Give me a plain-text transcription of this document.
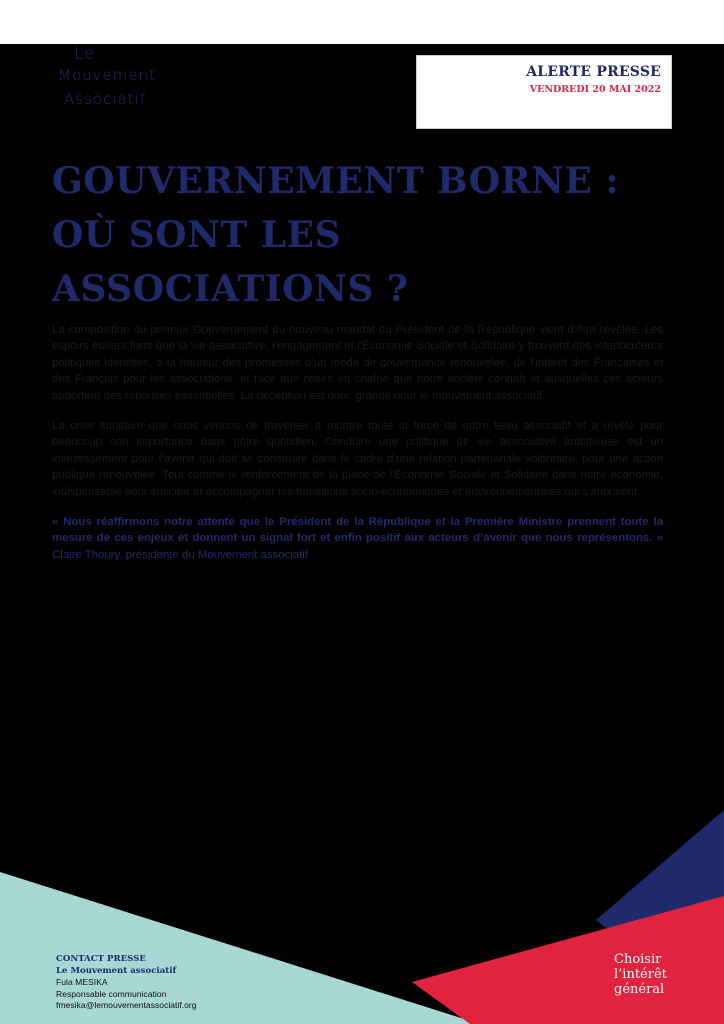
Le
Mouvement
Associatif
ALERTE PRESSE
VENDREDI 20 MAI 2022
GOUVERNEMENT BORNE :
OÙ SONT LES
ASSOCIATIONS ?

La composition du premier Gouvernement du nouveau mandat du Président de la République vient d’être révélée. Les espoirs étaient forts que la vie associative, l’engagement et l’Économie Sociale et Solidaire y trouvent des interlocuteurs politiques identifiés, à la hauteur des promesses d’un mode de gouvernance renouvelée, de l’intérêt des Françaises et des Français pour les associations, et face aux crises en chaîne que notre société connaît et auxquelles ces acteurs apportent des réponses essentielles. La déception est donc grande pour le mouvement associatif.

La crise sanitaire que nous venons de traverser a montré toute la force de notre tissu associatif et a révélé pour beaucoup son importance dans notre quotidien. Conduire une politique de vie associative ambitieuse est un investissement pour l’avenir qui doit se construire dans le cadre d’une relation partenariale volontaire, pour une action publique renouvelée. Tout comme le renforcement de la place de l’Économie Sociale et Solidaire dans notre économie, indispensable pour susciter et accompagner les transitions socio-économiques et environnementales qui s’imposent.

« Nous réaffirmons notre attente que le Président de la République et la Première Ministre prennent toute la mesure de ces enjeux et donnent un signal fort et enfin positif aux acteurs d’avenir que nous représentons. » Claire Thoury, présidente du Mouvement associatif

CONTACT PRESSE
Le Mouvement associatif
Fula MESIKA
Responsable communication
fmesika@lemouvementassociatif.org
Choisir
l’intérêt
général
